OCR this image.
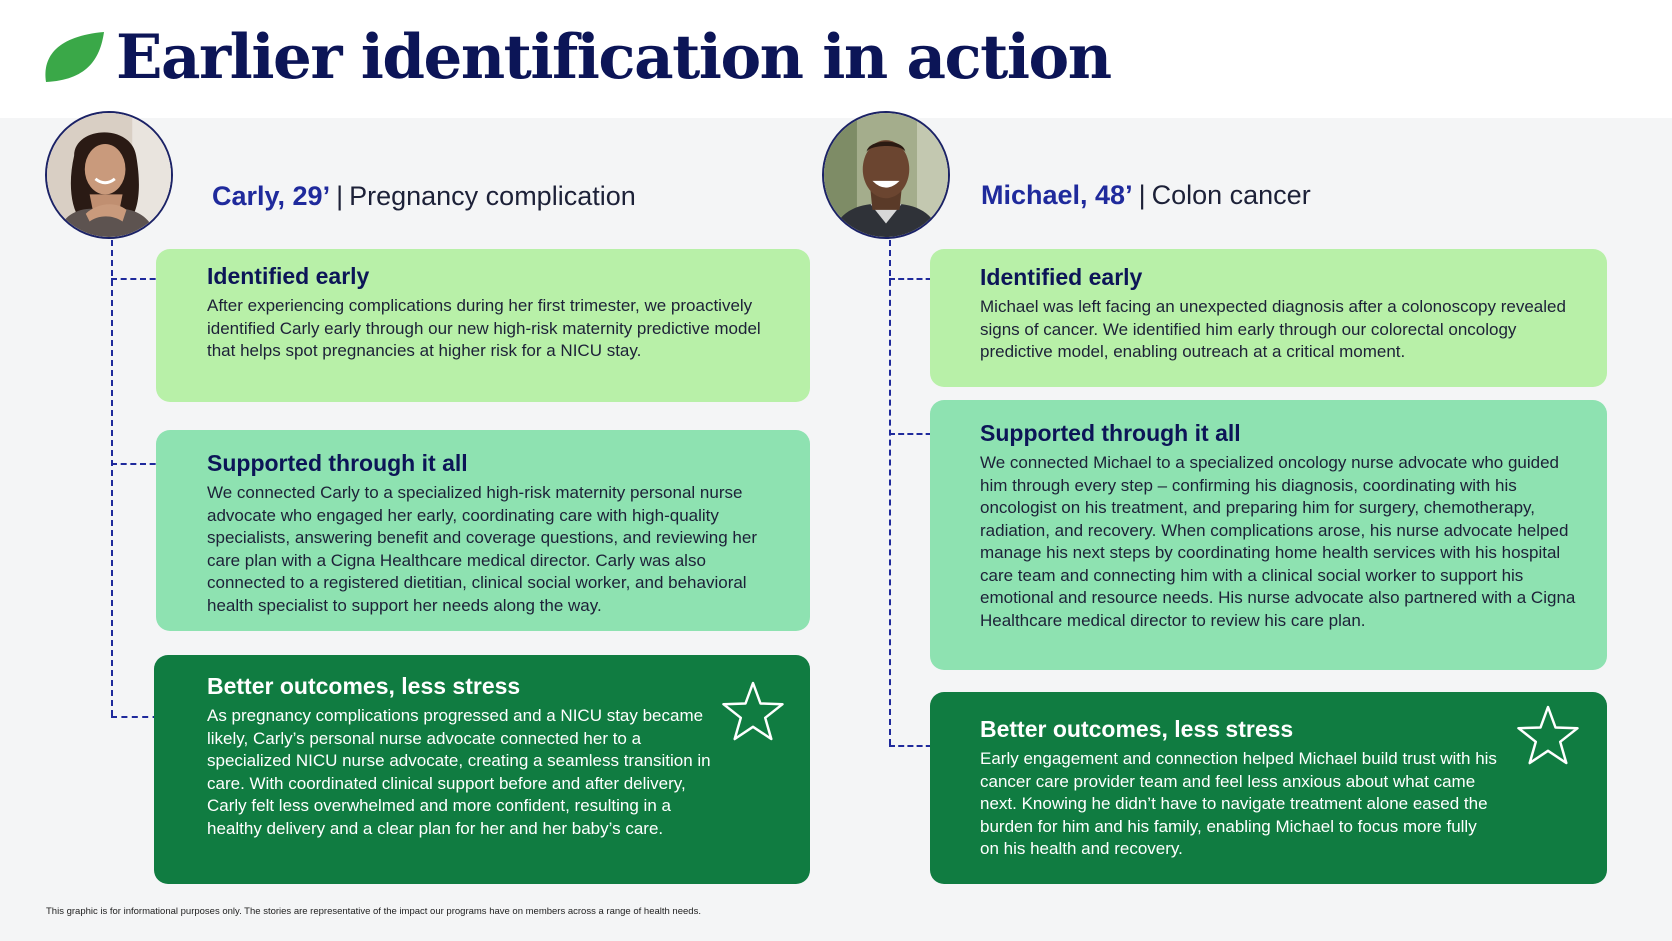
Earlier identification in action
Carly, 29’ | Pregnancy complication
Identified early

After experiencing complications during her first trimester, we proactively identified Carly early through our new high-risk maternity predictive model that helps spot pregnancies at higher risk for a NICU stay.

Supported through it all

We connected Carly to a specialized high-risk maternity personal nurse advocate who engaged her early, coordinating care with high-quality specialists, answering benefit and coverage questions, and reviewing her care plan with a Cigna Healthcare medical director. Carly was also connected to a registered dietitian, clinical social worker, and behavioral health specialist to support her needs along the way.

Better outcomes, less stress

As pregnancy complications progressed and a NICU stay became likely, Carly’s personal nurse advocate connected her to a specialized NICU nurse advocate, creating a seamless transition in care. With coordinated clinical support before and after delivery, Carly felt less overwhelmed and more confident, resulting in a healthy delivery and a clear plan for her and her baby’s care.

Michael, 48’ | Colon cancer
Identified early

Michael was left facing an unexpected diagnosis after a colonoscopy revealed signs of cancer. We identified him early through our colorectal oncology predictive model, enabling outreach at a critical moment.

Supported through it all

We connected Michael to a specialized oncology nurse advocate who guided him through every step – confirming his diagnosis, coordinating with his oncologist on his treatment, and preparing him for surgery, chemotherapy, radiation, and recovery. When complications arose, his nurse advocate helped manage his next steps by coordinating home health services with his hospital care team and connecting him with a clinical social worker to support his emotional and resource needs. His nurse advocate also partnered with a Cigna Healthcare medical director to review his care plan.

Better outcomes, less stress

Early engagement and connection helped Michael build trust with his cancer care provider team and feel less anxious about what came next. Knowing he didn’t have to navigate treatment alone eased the burden for him and his family, enabling Michael to focus more fully on his health and recovery.

This graphic is for informational purposes only. The stories are representative of the impact our programs have on members across a range of health needs.
